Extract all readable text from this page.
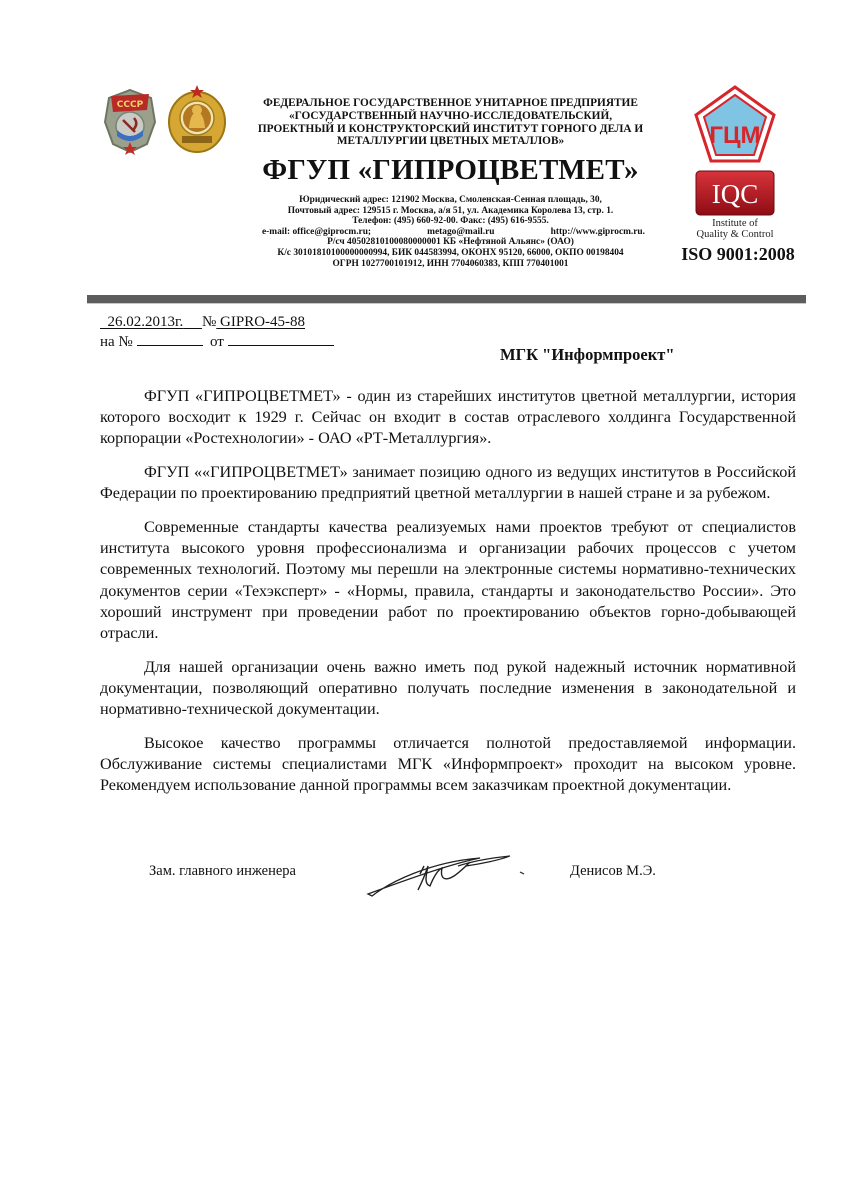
СССР	ФЕДЕРАЛЬНОЕ ГОСУДАРСТВЕННОЕ УНИТАРНОЕ ПРЕДПРИЯТИЕ
«ГОСУДАРСТВЕННЫЙ НАУЧНО-ИССЛЕДОВАТЕЛЬСКИЙ,
ПРОЕКТНЫЙ И КОНСТРУКТОРСКИЙ ИНСТИТУТ ГОРНОГО ДЕЛА И
МЕТАЛЛУРГИИ ЦВЕТНЫХ МЕТАЛЛОВ»
ФГУП «ГИПРОЦВЕТМЕТ»
Юридический адрес: 121902 Москва, Смоленская-Сенная площадь, 30,
Почтовый адрес: 129515 г. Москва, а/я 51, ул. Академика Королева 13, стр. 1.
Телефон: (495) 660-92-00. Факс: (495) 616-9555.
e-mail: office@giprocm.ru;	metago@mail.ru	http://www.giprocm.ru.
Р/сч 40502810100080000001 КБ «Нефтяной Альянс» (ОАО)
К/с 30101810100000000994, БИК 044583994, ОКОНХ 95120, 66000, ОКПО 00198404
ОГРН 1027700101912, ИНН 7704060383, КПП 770401001
ГЦМ
IQC
Institute of
Quality & Control
ISO 9001:2008
26.02.2013г. № GIPRO-45-88
на №	от
МГК "Информпроект"

ФГУП «ГИПРОЦВЕТМЕТ» - один из старейших институтов цветной металлургии, история которого восходит к 1929 г. Сейчас он входит в состав отраслевого холдинга Государственной корпорации «Ростехнологии» - ОАО «РТ-Металлургия».

ФГУП ««ГИПРОЦВЕТМЕТ» занимает позицию одного из ведущих институтов в Российской Федерации по проектированию предприятий цветной металлургии в нашей стране и за рубежом.

Современные стандарты качества реализуемых нами проектов требуют от специалистов института высокого уровня профессионализма и организации рабочих процессов с учетом современных технологий. Поэтому мы перешли на электронные системы нормативно-технических документов серии «Техэксперт» - «Нормы, правила, стандарты и законодательство России». Это хороший инструмент при проведении работ по проектированию объектов горно-добывающей отрасли.

Для нашей организации очень важно иметь под рукой надежный источник нормативной документации, позволяющий оперативно получать последние изменения в законодательной и нормативно-технической документации.

Высокое качество программы отличается полнотой предоставляемой информации. Обслуживание системы специалистами МГК «Информпроект» проходит на высоком уровне. Рекомендуем использование данной программы всем заказчикам проектной документации.

Зам. главного инженера	Денисов М.Э.
